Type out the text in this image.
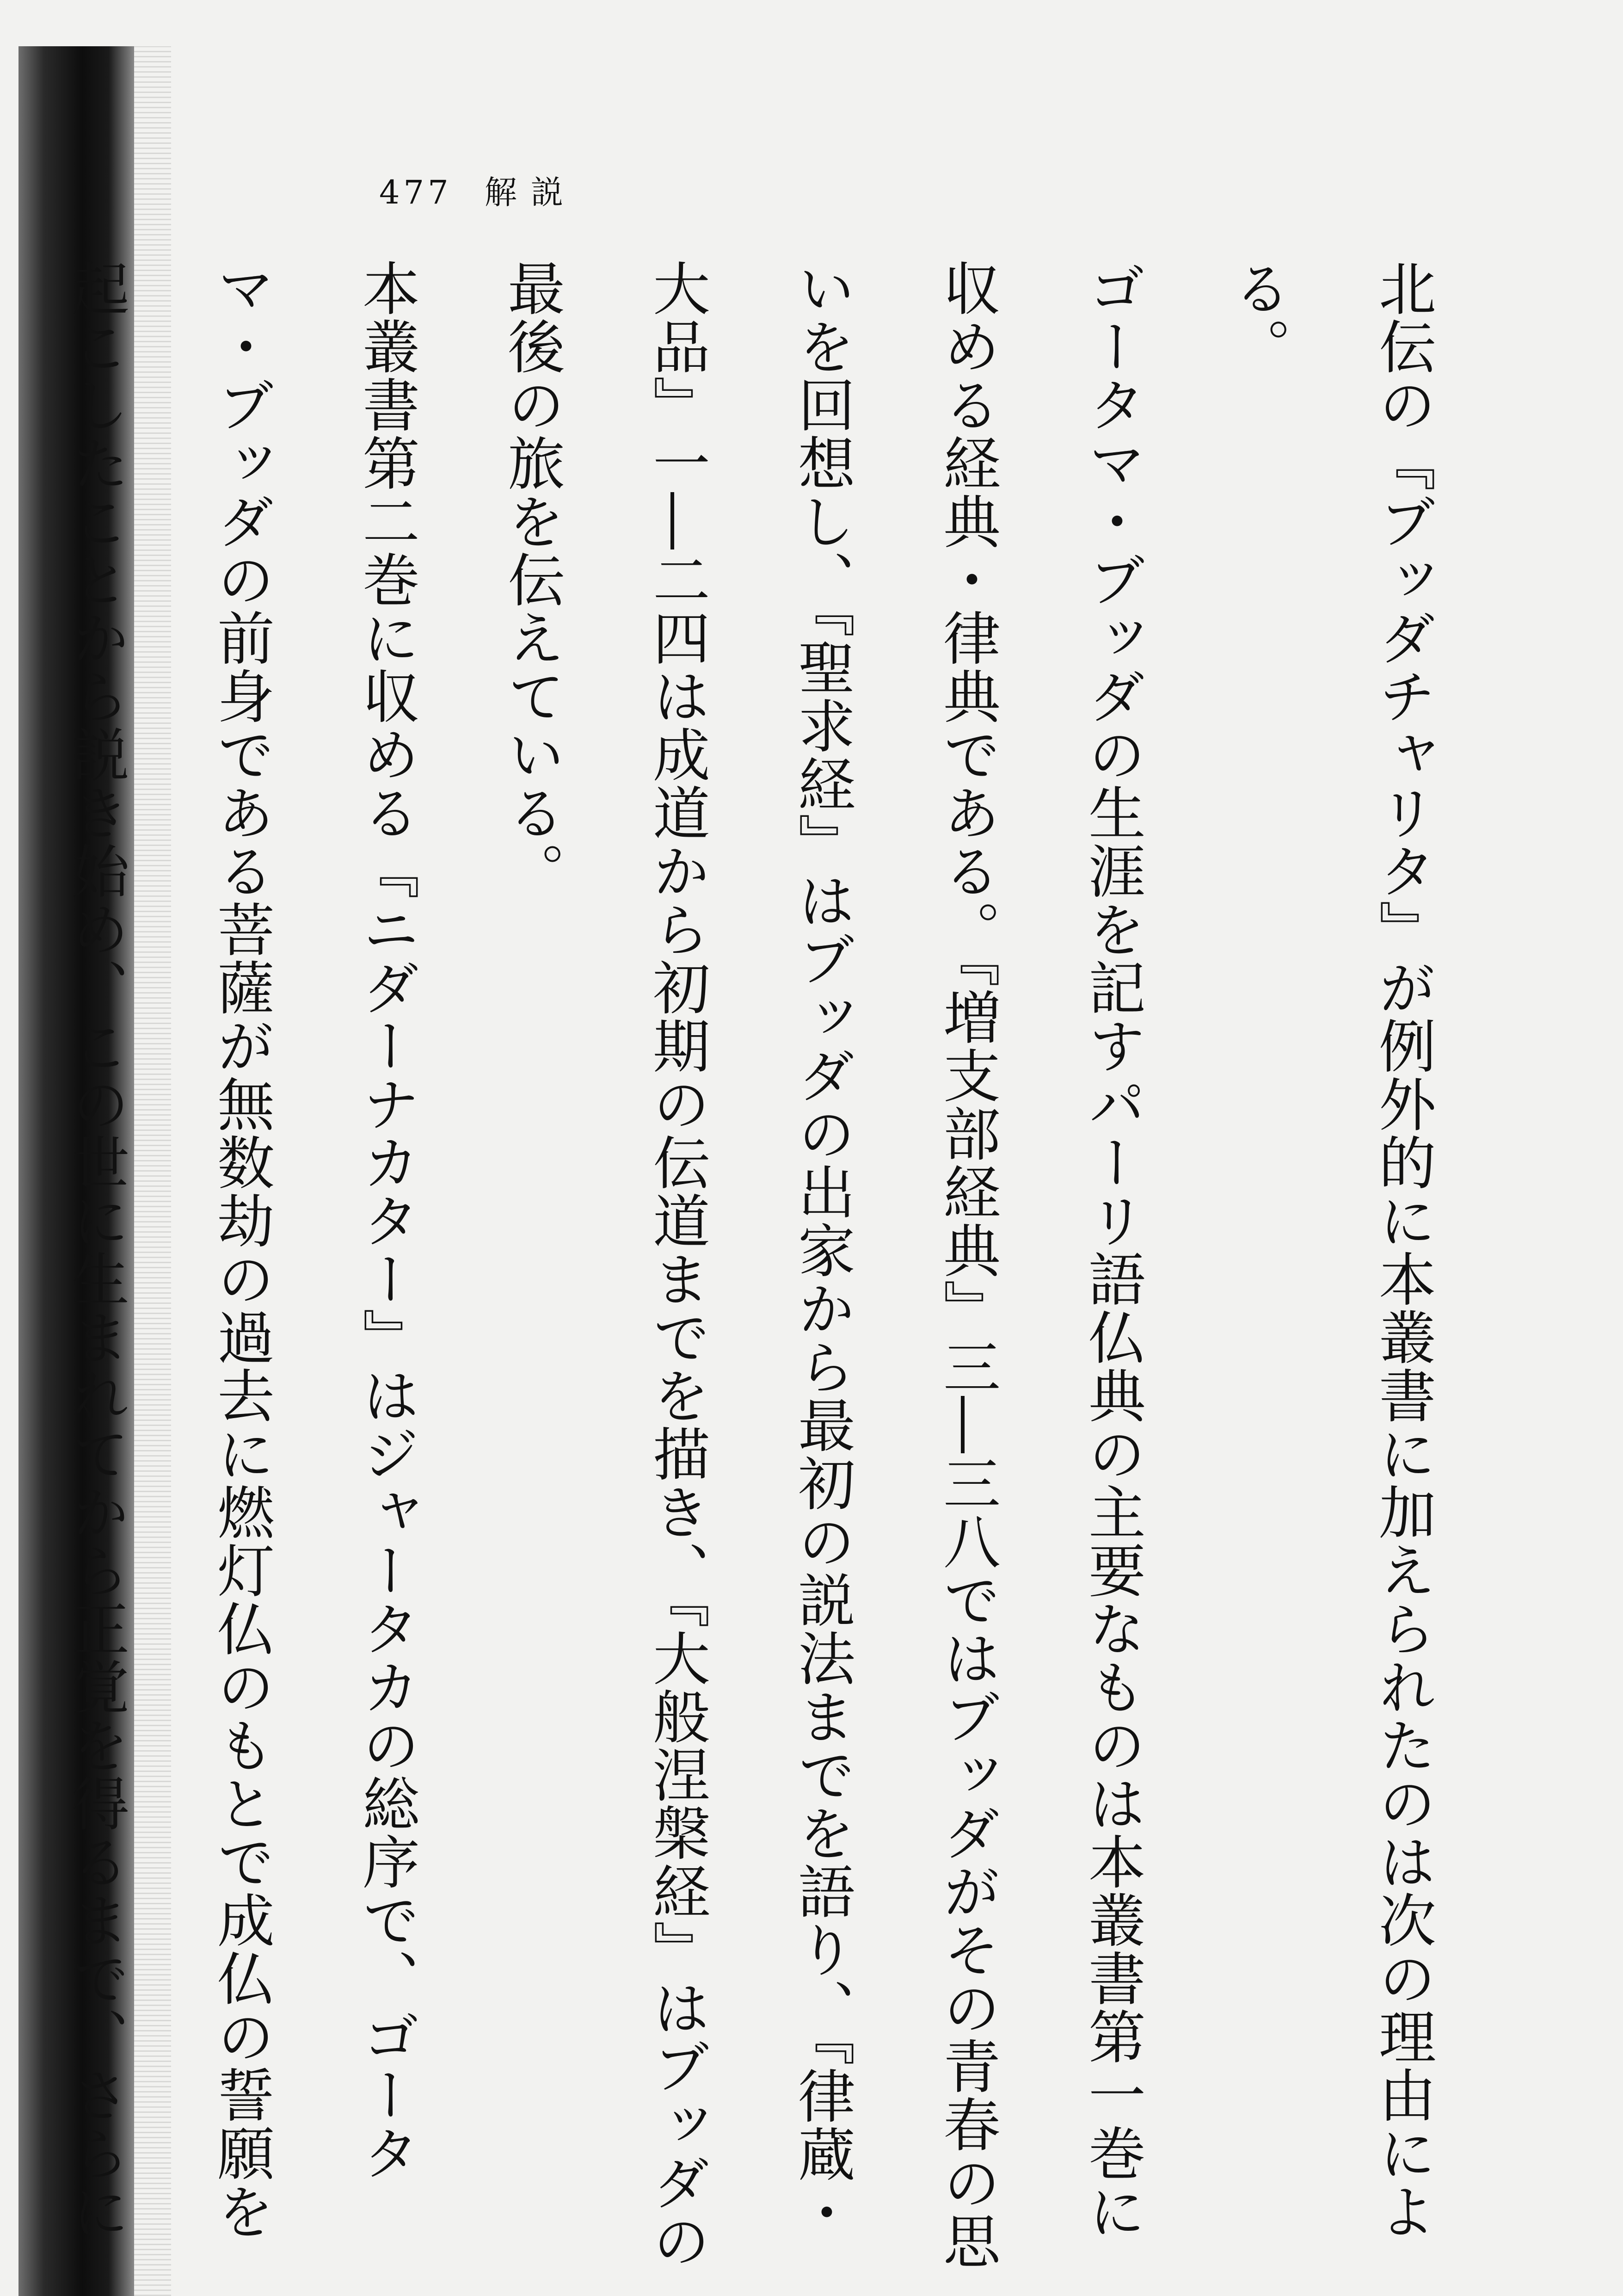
477 解説

北伝の『ブッダチャリタ』が例外的に本叢書に加えられたのは次の理由による。

ゴータマ・ブッダの生涯を記すパーリ語仏典の主要なものは本叢書第一巻に収める経典・律典である。『増支部経典』三―三八ではブッダがその青春の思いを回想し、『聖求経』はブッダの出家から最初の説法までを語り、『律蔵・大品』一―二四は成道から初期の伝道までを描き、『大般涅槃経』はブッダの最後の旅を伝えている。

本叢書第二巻に収める『ニダーナカター』はジャータカの総序で、ゴータマ・ブッダの前身である菩薩が無数劫の過去に燃灯仏のもとで成仏の誓願を起こしたことから説き始め、この世に生まれてから正覚を得るまで、さらに
